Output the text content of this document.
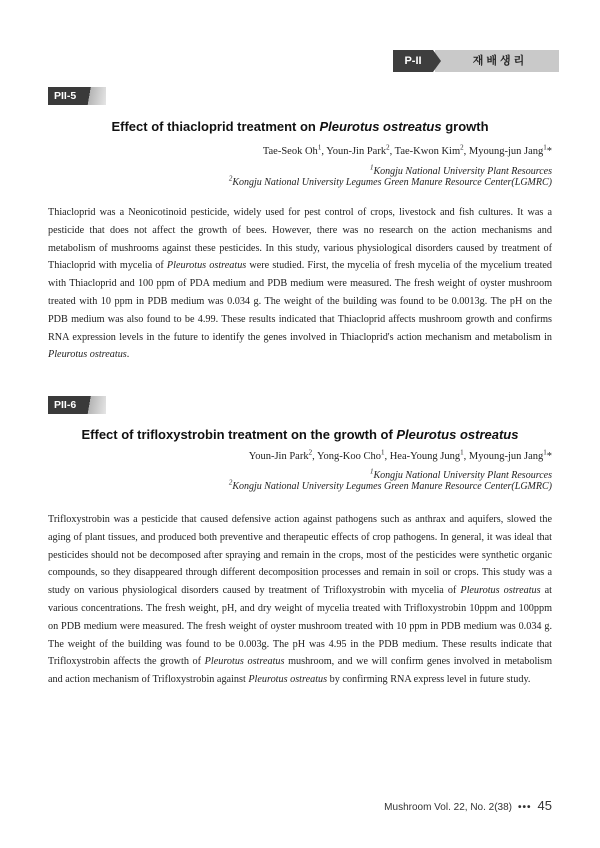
P-II	재배생리
PII-5
Effect of thiacloprid treatment on Pleurotus ostreatus growth
Tae-Seok Oh$^1$, Youn-Jin Park$^2$, Tae-Kwon Kim$^2$, Myoung-jun Jang$^1$*
$^1$Kongju National University Plant Resources
$^2$Kongju National University Legumes Green Manure Resource Center(LGMRC)

Thiacloprid was a Neonicotinoid pesticide, widely used for pest control of crops, livestock and fish cultures. It was a pesticide that does not affect the growth of bees. However, there was no research on the action mechanisms and metabolism of mushrooms against these pesticides. In this study, various physiological disorders caused by treatment of Thiacloprid with mycelia of Pleurotus ostreatus were studied. First, the mycelia of fresh mycelia of the mycelium treated with Thiacloprid and 100 ppm of PDA medium and PDB medium were measured. The fresh weight of oyster mushroom treated with 10 ppm in PDB medium was 0.034 g. The weight of the building was found to be 0.0013g. The pH on the PDB medium was also found to be 4.99. These results indicated that Thiacloprid affects mushroom growth and confirms RNA expression levels in the future to identify the genes involved in Thiacloprid's action mechanism and metabolism in Pleurotus ostreatus.

PII-6
Effect of trifloxystrobin treatment on the growth of Pleurotus ostreatus
Youn-Jin Park$^2$, Yong-Koo Cho$^1$, Hea-Young Jung$^1$, Myoung-jun Jang$^1$*
$^1$Kongju National University Plant Resources
$^2$Kongju National University Legumes Green Manure Resource Center(LGMRC)

Trifloxystrobin was a pesticide that caused defensive action against pathogens such as anthrax and aquifers, slowed the aging of plant tissues, and produced both preventive and therapeutic effects of crop pathogens. In general, it was ideal that pesticides should not be decomposed after spraying and remain in the crops, most of the pesticides were synthetic organic compounds, so they disappeared through different decomposition processes and remain in soil or crops. This study was a study on various physiological disorders caused by treatment of Trifloxystrobin with mycelia of Pleurotus ostreatus at various concentrations. The fresh weight, pH, and dry weight of mycelia treated with Trifloxystrobin 10ppm and 100ppm on PDB medium were measured. The fresh weight of oyster mushroom treated with 10 ppm in PDB medium was 0.034 g. The weight of the building was found to be 0.003g. The pH was 4.95 in the PDB medium. These results indicate that Trifloxystrobin affects the growth of Pleurotus ostreatus mushroom, and we will confirm genes involved in metabolism and action mechanism of Trifloxystrobin against Pleurotus ostreatus by confirming RNA express level in future study.

Mushroom Vol. 22, No. 2(38) ••• 45
